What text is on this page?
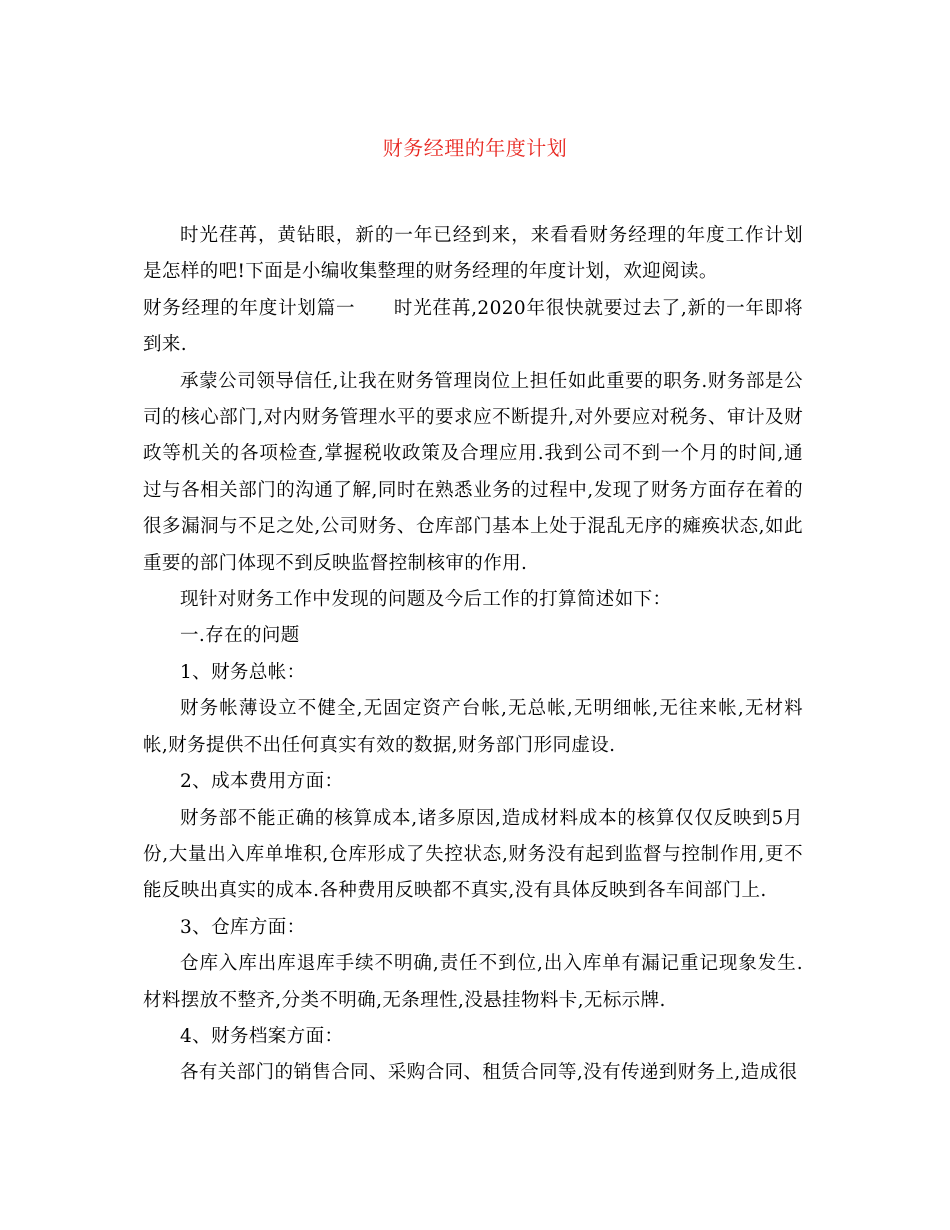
财务经理的年度计划

时光荏苒，黄钻眼，新的一年已经到来，来看看财务经理的年度工作计划是怎样的吧!下面是小编收集整理的财务经理的年度计划，欢迎阅读。

财务经理的年度计划篇一　　时光荏苒,2020年很快就要过去了,新的一年即将到来.

承蒙公司领导信任,让我在财务管理岗位上担任如此重要的职务.财务部是公司的核心部门,对内财务管理水平的要求应不断提升,对外要应对税务、审计及财政等机关的各项检查,掌握税收政策及合理应用.我到公司不到一个月的时间,通过与各相关部门的沟通了解,同时在熟悉业务的过程中,发现了财务方面存在着的很多漏洞与不足之处,公司财务、仓库部门基本上处于混乱无序的瘫痪状态,如此重要的部门体现不到反映监督控制核审的作用.

现针对财务工作中发现的问题及今后工作的打算简述如下：

一.存在的问题

1、财务总帐：

财务帐薄设立不健全,无固定资产台帐,无总帐,无明细帐,无往来帐,无材料帐,财务提供不出任何真实有效的数据,财务部门形同虚设.

2、成本费用方面：

财务部不能正确的核算成本,诸多原因,造成材料成本的核算仅仅反映到5月份,大量出入库单堆积,仓库形成了失控状态,财务没有起到监督与控制作用,更不能反映出真实的成本.各种费用反映都不真实,没有具体反映到各车间部门上.

3、仓库方面：

仓库入库出库退库手续不明确,责任不到位,出入库单有漏记重记现象发生.材料摆放不整齐,分类不明确,无条理性,没悬挂物料卡,无标示牌.

4、财务档案方面：

各有关部门的销售合同、采购合同、租赁合同等,没有传递到财务上,造成很
